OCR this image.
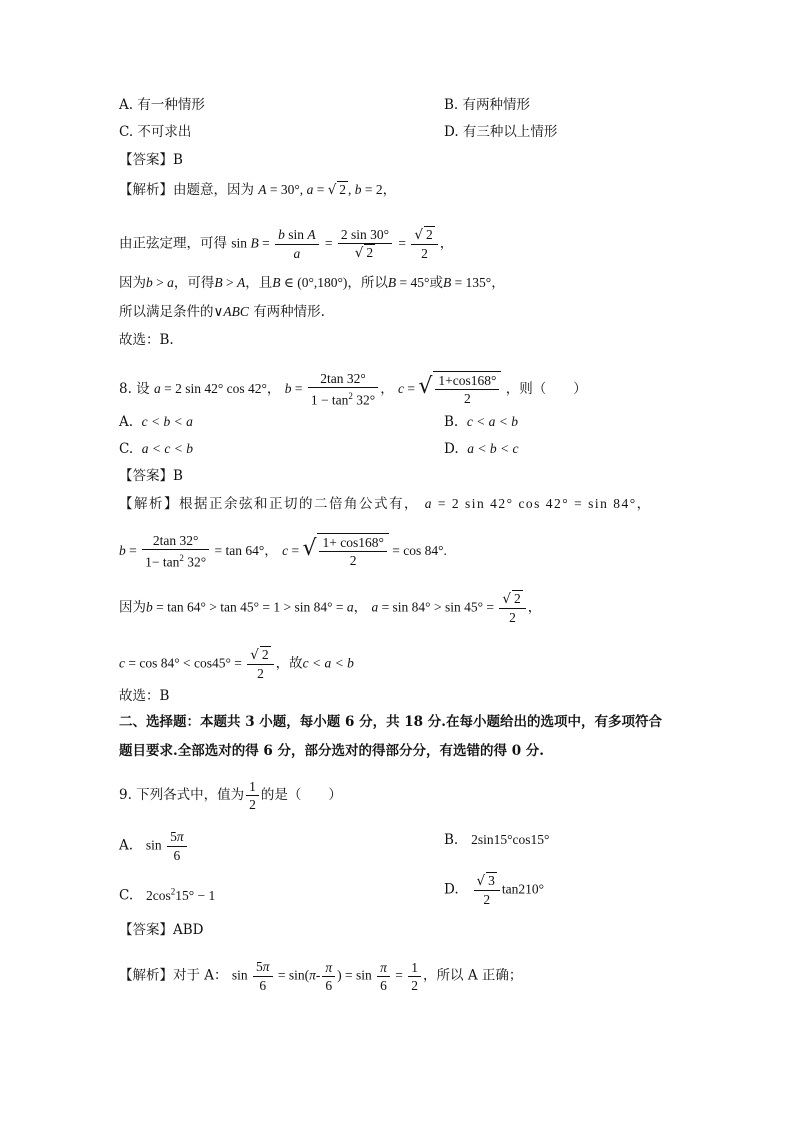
A. 有一种情形	B. 有两种情形
C. 不可求出	D. 有三种以上情形
【答案】B
【解析】由题意，因为 A = 30°, a = √ 2 , b = 2，
由正弦定理，可得 $\sin B = \frac{\text{b sin A}}{a} = \frac{2 \sin 30^\circ}{√ 2} = \frac{√ 2}{2}$ ，
因为b > a，可得B > A，且B ∈ (0°,180°)，所以B = 45°或B = 135°，
所以满足条件的∨ABC 有两种情形.
故选：B.
8. 设 a = 2 sin 42° cos 42°， $b = \frac{2\tan 32^\circ}{1 - \tan^2 32^\circ}$ ， c = √ $\frac{1+\cos 168^\circ}{2}$ ，则（　　）
A. c < b < a	B. c < a < b
C. a < c < b	D. a < b < c
【答案】B
【解析】根据正余弦和正切的二倍角公式有， a = 2 sin 42° cos 42° = sin 84°，
$b = \frac{2\tan 32^\circ}{1- \tan^2 32^\circ} = \tan 64^\circ$， c = √ $\frac{1+ \cos 168^\circ}{2} = \cos 84^\circ$.
因为b = tan 64° > tan 45° = 1 > sin 84° = a， $a = \sin 84^\circ > \sin 45^\circ = \frac{√ 2}{2}$ ，
$c = \cos 84^\circ < \cos 45^\circ = \frac{√ 2}{2}$ ，故c < a < b
故选：B
二、选择题：本题共 3 小题，每小题 6 分，共 18 分.在每小题给出的选项中，有多项符合
题目要求.全部选对的得 6 分，部分选对的得部分分，有选错的得 0 分.
9. 下列各式中，值为 $\frac{1}{2}$ 的是（　　）
A. $\sin \frac{5\pi}{6}$	B. 2sin15°cos15°
C. $2\cos^215^\circ - 1$	D. $\frac{√ 3}{2} \tan 210^\circ$
【答案】ABD
【解析】对于 A： $\sin \frac{5\pi}{6} = \sin(\pi- \frac{\pi}{6}$ ) = $\sin \frac{\pi}{6} = \frac{1}{2}$ ，所以 A 正确；
